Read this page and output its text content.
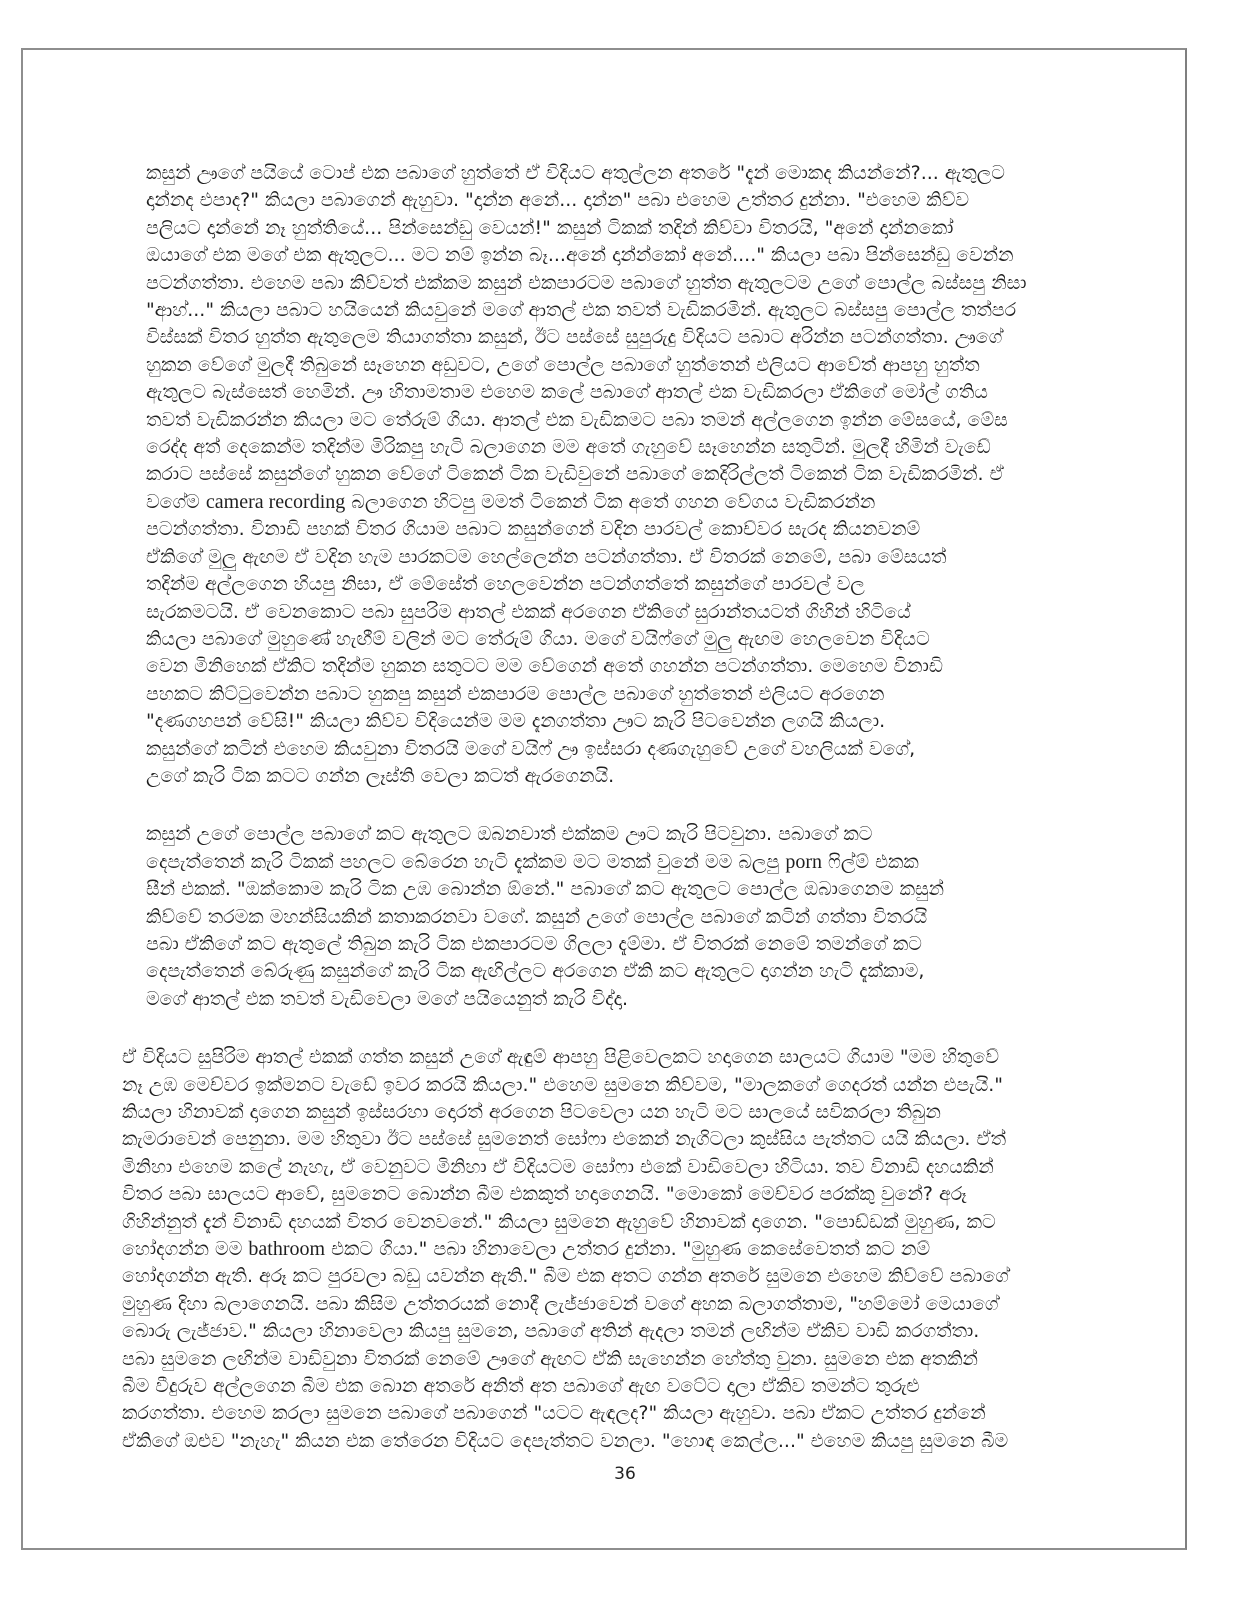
කසුන් ඌගේ පයියේ ටොප් එක පබාගේ හුත්තේ ඒ විදියට අතුල්ලන අතරේ "දැන් මොකද කියන්නේ?... ඇතුලට
දාන්නද එපාද?" කියලා පබාගෙන් ඇහුවා. "දාන්න අනේ... දාන්න" පබා එහෙම උත්තර දුන්නා. "එහෙම කිව්ව
පලියට දාන්නේ නෑ හුත්තියේ... පින්සෙන්ඩු වෙයන්!" කසුන් ටිකක් තදින් කිව්වා විතරයි, "අනේ දාන්නකෝ
ඔයාගේ එක මගේ එක ඇතුලට... මට නම් ඉන්න බෑ...අනේ දාන්න්කෝ අනේ...." කියලා පබා පින්සෙන්ඩු වෙන්න
පටන්ගත්තා. එහෙම පබා කිව්වත් එක්කම කසුන් එකපාරටම පබාගේ හුත්ත ඇතුලටම උගේ පොල්ල බස්සපු නිසා
"ආහ්..." කියලා පබාට හයියෙන් කියවුනේ මගේ ආතල් එක තවත් වැඩිකරමින්. ඇතුලට බස්සපු පොල්ල තත්පර
විස්සක් විතර හුත්ත ඇතුලෙම තියාගත්තා කසුන්, ඊට පස්සේ සුපුරුදු විදියට පබාට අරින්න පටන්ගත්තා. ඌගේ
හුකන වේගේ මුලදී තිබුනේ සෑහෙන අඩුවට, උගේ පොල්ල පබාගේ හුත්තෙන් එලියට ආවේත් ආපහු හුත්ත
ඇතුලට බැස්සෙත් හෙමින්. ඌ හිතාමතාම එහෙම කලේ පබාගේ ආතල් එක වැඩිකරලා ඒකිගේ මෝල් ගතිය
තවත් වැඩිකරන්න කියලා මට තේරුම් ගියා. ආතල් එක වැඩිකමට පබා තමන් අල්ලගෙන ඉන්න මේසයේ, මේස
රෙද්ද අත් දෙකෙන්ම තදින්ම මිරිකපු හැටි බලාගෙන මම අතේ ගැහුවේ සෑහෙන්න සතුටින්. මුලදී හිමින් වැඩේ
කරාට පස්සේ කසුන්ගේ හුකන වේගේ ටිකෙන් ටික වැඩිවුනේ පබාගේ කෙදිරිල්ලත් ටිකෙන් ටික වැඩිකරමින්. ඒ
වගේම camera recording බලාගෙන හිටපු මමත් ටිකෙන් ටික අතේ ගහන වේගය වැඩිකරන්න
පටන්ගත්තා. විනාඩි පහක් විතර ගියාම පබාට කසුන්ගෙන් වදින පාරවල් කොච්වර සැරද කියනවනම්
ඒකිගේ මුලු ඇඟම ඒ වදින හැම පාරකටම හෙල්ලෙන්න පටන්ගත්තා. ඒ විතරක් නෙමේ, පබා මේසයත්
තදින්ම අල්ලගෙන හියපු නිසා, ඒ මේසේත් හෙලවෙන්න පටන්ගත්තේ කසුන්ගේ පාරවල් වල
සැරකමටයි. ඒ වෙනකොට පබා සුපරිම ආතල් එකක් අරගෙන ඒකිගේ සුරාන්තයටත් ගිහින් හිටියේ
කියලා පබාගේ මුහුණේ හැඟීම් වලින් මට තේරුම් ගියා. මගේ වයිෆ්ගේ මුලු ඇඟම හෙලවෙන විදියට
වෙන මිනිහෙක් ඒකිට තදින්ම හුකන සතුටට මම වේගෙන් අතේ ගහන්න පටන්ගත්තා. මෙහෙම විනාඩි
පහකට කිට්ටුවෙන්න පබාට හුකපු කසුන් එකපාරම පොල්ල පබාගේ හුත්තෙන් එලියට අරගෙන
"දණගහපන් වේසි!" කියලා කිව්ව විදියෙන්ම මම දැනගත්තා ඌට කැරි පිටවෙන්න ලගයි කියලා.
කසුන්ගේ කටින් එහෙම කියවුනා විතරයි මගේ වයිෆ් ඌ ඉස්සරා දණගැහුවේ උගේ වහලියක් වගේ,
උගේ කැරි ටික කටට ගන්න ලෑස්ති වෙලා කටත් ඇරගෙනයි.

කසුන් උගේ පොල්ල පබාගේ කට ඇතුලට ඔබනවාත් එක්කම ඌට කැරි පිටවුනා. පබාගේ කට
දෙපැත්තෙන් කැරි ටිකක් පහලට බේරෙන හැටි දැක්කම මට මතක් වුනේ මම බලපු porn ෆිල්ම් එකක
සීන් එකක්. "ඔක්කොම කැරි ටික උඹ බොන්න ඕනේ." පබාගේ කට ඇතුලට පොල්ල ඔබාගෙනම කසුන්
කිව්වේ තරමක මහන්සියකින් කතාකරනවා වගේ. කසුන් උගේ පොල්ල පබාගේ කටින් ගත්තා විතරයි
පබා ඒකිගේ කට ඇතුලේ තිබුන කැරි ටික එකපාරටම ගිලලා දැම්මා. ඒ විතරක් නෙමේ තමන්ගේ කට
දෙපැත්තෙන් බේරුණු කසුන්ගේ කැරි ටික ඇඟිල්ලට අරගෙන ඒකි කට ඇතුලට දාගන්න හැටි දැක්කාම,
මගේ ආතල් එක තවත් වැඩිවෙලා මගේ පයියෙනුත් කැරි විද්දා.

ඒ විදියට සුපිරිම ආතල් එකක් ගත්ත කසුන් උගේ ඇඳුම් ආපහු පිළිවෙලකට හදාගෙන සාලයට ගියාම "මම හිතුවේ
නෑ උඹ මෙච්වර ඉක්මනට වැඩේ ඉවර කරයි කියලා." එහෙම සුමනෙ කිව්වම, "මාලකගේ ගෙදරත් යන්න එපැයි."
කියලා හිනාවක් දාගෙන කසුන් ඉස්සරහා දොරත් අරගෙන පිටවෙලා යන හැටි මට සාලයේ සවිකරලා තිබුන
කැමරාවෙන් පෙනුනා. මම හිතුවා ඊට පස්සේ සුමනෙත් සෝෆා එකෙන් නැගිටලා කුස්සිය පැත්තට යයි කියලා. ඒත්
මිනිහා එහෙම කලේ නැහැ, ඒ වෙනුවට මිනිහා ඒ විදියටම සෝෆා එකේ වාඩිවෙලා හිටියා. තව විනාඩි දහයකින්
විතර පබා සාලයට ආවේ, සුමනෙට බොන්න බීම එකකුත් හදාගෙනයි. "මොකෝ මෙච්වර පරක්කු වුනේ? අරූ
ගිහින්නුත් දැන් විනාඩි දහයක් විතර වෙනවනේ." කියලා සුමනෙ ඇහුවේ හිනාවක් දාගෙන. "පොඩ්ඩක් මුහුණ, කට
හෝදගන්න මම bathroom එකට ගියා." පබා හිනාවෙලා උත්තර දුන්නා. "මුහුණ කෙසේවෙතත් කට නම්
හෝදගන්න ඇති. අරූ කට පුරවලා බඩු යවන්න ඇති." බීම එක අතට ගන්න අතරේ සුමනෙ එහෙම කිව්වේ පබාගේ
මුහුණ දිහා බලාගෙනයි. පබා කිසිම උත්තරයක් නොදී ලැජ්ජාවෙන් වගේ අහක බලාගත්තාම, "හම්මෝ මෙයාගේ
බොරු ලැජ්ජාව." කියලා හිනාවෙලා කියපු සුමනෙ, පබාගේ අතින් ඇදලා තමන් ලඟින්ම ඒකිව වාඩි කරගත්තා.
පබා සුමනෙ ලඟින්ම වාඩිවුනා විතරක් නෙමේ ඌගේ ඇඟට ඒකි සැහෙන්න හේත්තු වුනා. සුමනෙ එක අතකින්
බීම වීදුරුව අල්ලගෙන බීම එක බොන අතරේ අනිත් අත පබාගේ ඇඟ වටේට දාලා ඒකිව තමන්ට තුරුළු
කරගත්තා. එහෙම කරලා සුමනෙ පබාගේ පබාගෙන් "යටට ඇඳලද?" කියලා ඇහුවා. පබා ඒකට උත්තර දුන්නේ
ඒකිගේ ඔළුව "නැහැ" කියන එක තේරෙන විදියට දෙපැත්තට වනලා. "හොඳ කෙල්ල..." එහෙම කියපු සුමනෙ බීම

36
